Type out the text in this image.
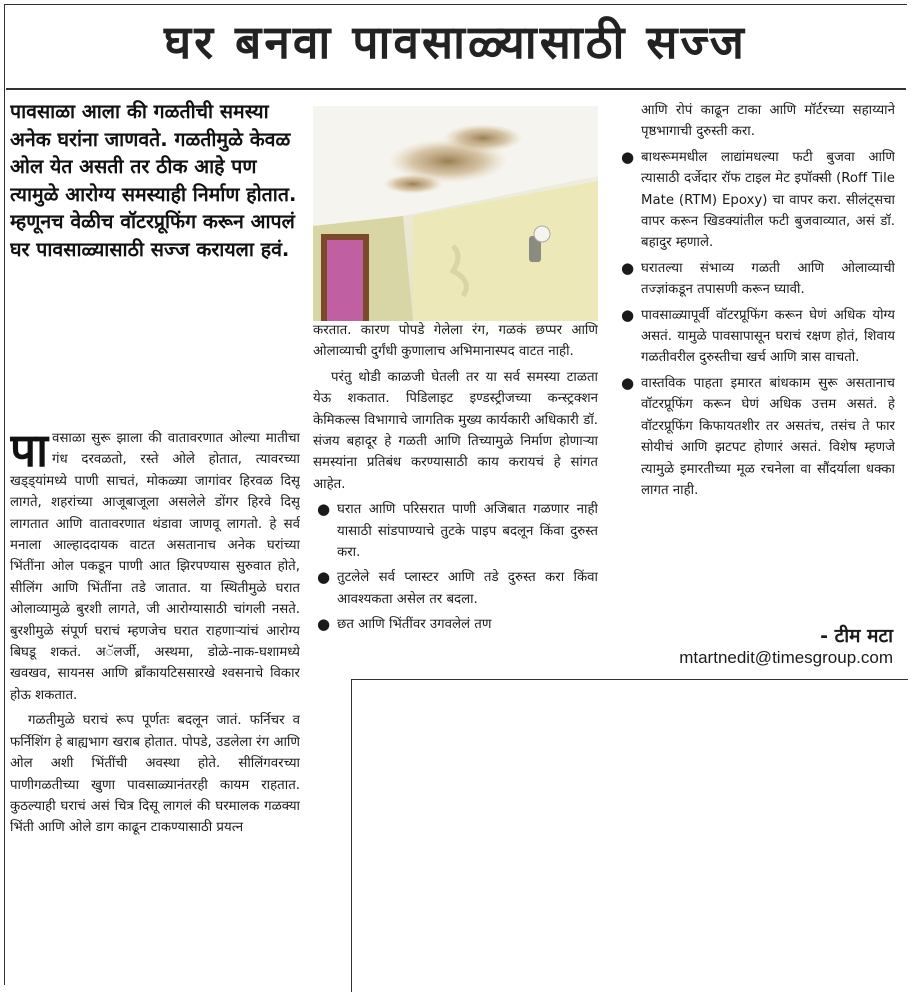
घर बनवा पावसाळ्यासाठी सज्ज
पावसाळा आला की गळतीची समस्या अनेक घरांना जाणवते. गळतीमुळे केवळ ओल येत असती तर ठीक आहे पण त्यामुळे आरोग्य समस्याही निर्माण होतात. म्हणूनच वेळीच वॉटरप्रूफिंग करून आपलं घर पावसाळ्यासाठी सज्ज करायला हवं.

पावसाळा सुरू झाला की वातावरणात ओल्या मातीचा गंध दरवळतो, रस्ते ओले होतात, त्यावरच्या खड्ड्यांमध्ये पाणी साचतं, मोकळ्या जागांवर हिरवळ दिसू लागते, शहरांच्या आजूबाजूला असलेले डोंगर हिरवे दिसू लागतात आणि वातावरणात थंडावा जाणवू लागतो. हे सर्व मनाला आल्हाददायक वाटत असतानाच अनेक घरांच्या भिंतींना ओल पकडून पाणी आत झिरपण्यास सुरुवात होते, सीलिंग आणि भिंतींना तडे जातात. या स्थितीमुळे घरात ओलाव्यामुळे बुरशी लागते, जी आरोग्यासाठी चांगली नसते. बुरशीमुळे संपूर्ण घराचं म्हणजेच घरात राहणाऱ्यांचं आरोग्य बिघडू शकतं. अॅलर्जी, अस्थमा, डोळे-नाक-घशामध्ये खवखव, सायनस आणि ब्राँकायटिससारखे श्वसनाचे विकार होऊ शकतात.

गळतीमुळे घराचं रूप पूर्णतः बदलून जातं. फर्निचर व फर्निशिंग हे बाह्यभाग खराब होतात. पोपडे, उडलेला रंग आणि ओल अशी भिंतींची अवस्था होते. सीलिंगवरच्या पाणीगळतीच्या खुणा पावसाळ्यानंतरही कायम राहतात. कुठल्याही घराचं असं चित्र दिसू लागलं की घरमालक गळक्या भिंती आणि ओले डाग काढून टाकण्यासाठी प्रयत्न

करतात. कारण पोपडे गेलेला रंग, गळकं छप्पर आणि ओलाव्याची दुर्गंधी कुणालाच अभिमानास्पद वाटत नाही.

परंतु थोडी काळजी घेतली तर या सर्व समस्या टाळता येऊ शकतात. पिडिलाइट इण्डस्ट्रीजच्या कन्स्ट्रक्शन केमिकल्स विभागाचे जागतिक मुख्य कार्यकारी अधिकारी डॉ. संजय बहादूर हे गळती आणि तिच्यामुळे निर्माण होणाऱ्या समस्यांना प्रतिबंध करण्यासाठी काय करायचं हे सांगत आहेत.

● घरात आणि परिसरात पाणी अजिबात गळणार नाही यासाठी सांडपाण्याचे तुटके पाइप बदलून किंवा दुरुस्त करा.
● तुटलेले सर्व प्लास्टर आणि तडे दुरुस्त करा किंवा आवश्यकता असेल तर बदला.
● छत आणि भिंतींवर उगवलेलं तण

आणि रोपं काढून टाका आणि मॉर्टरच्या सहाय्याने पृष्ठभागाची दुरुस्ती करा.

● बाथरूममधील लाद्यांमधल्या फटी बुजवा आणि त्यासाठी दर्जेदार रॉफ टाइल मेट इपॉक्सी (Roff Tile Mate (RTM) Epoxy) चा वापर करा. सीलंट्सचा वापर करून खिडक्यांतील फटी बुजवाव्यात, असं डॉ. बहादुर म्हणाले.
● घरातल्या संभाव्य गळती आणि ओलाव्याची तज्ज्ञांकडून तपासणी करून घ्यावी.
● पावसाळ्यापूर्वी वॉटरप्रूफिंग करून घेणं अधिक योग्य असतं. यामुळे पावसापासून घराचं रक्षण होतं, शिवाय गळतीवरील दुरुस्तीचा खर्च आणि त्रास वाचतो.
● वास्तविक पाहता इमारत बांधकाम सुरू असतानाच वॉटरप्रूफिंग करून घेणं अधिक उत्तम असतं. हे वॉटरप्रूफिंग किफायतशीर तर असतंच, तसंच ते फार सोयीचं आणि झटपट होणारं असतं. विशेष म्हणजे त्यामुळे इमारतीच्या मूळ रचनेला वा सौंदर्याला धक्का लागत नाही.
- टीम मटा
mtartnedit@timesgroup.com
